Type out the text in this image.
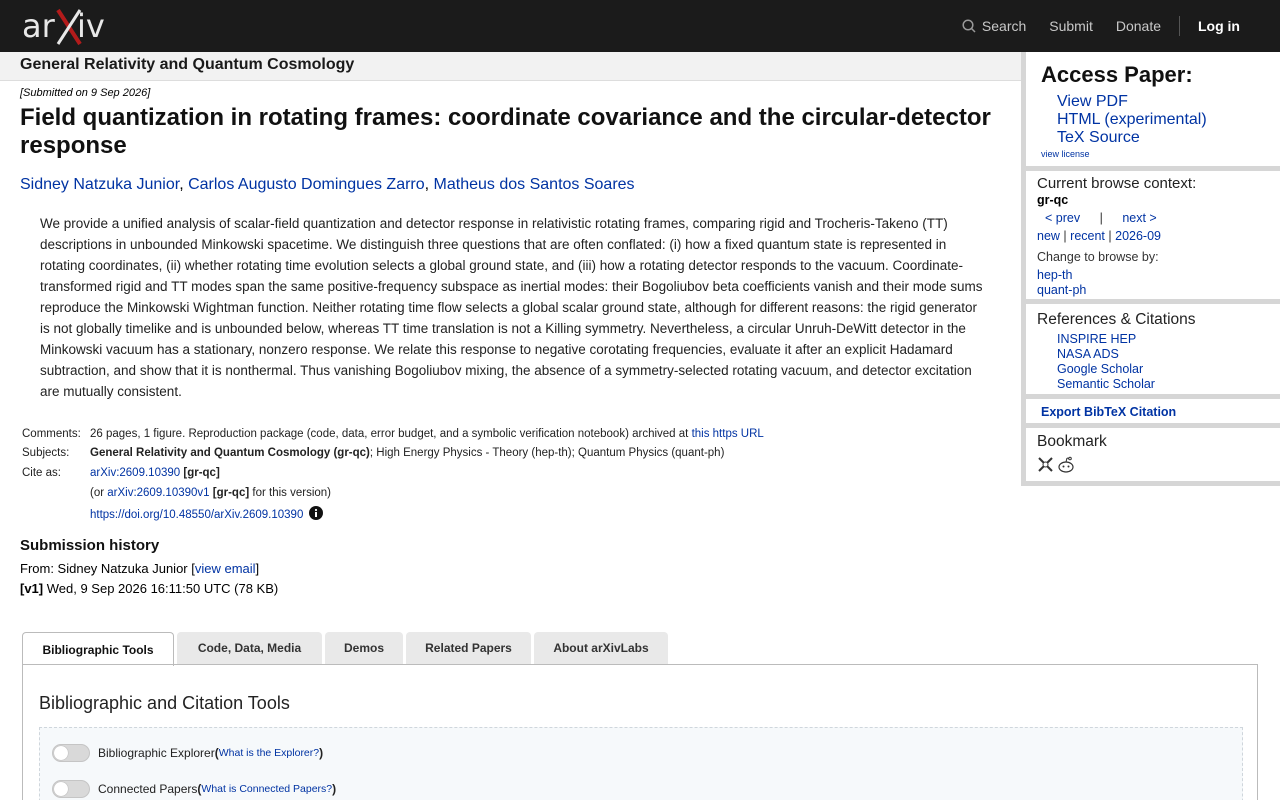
ar iv	Search Submit Donate	Log in
General Relativity and Quantum Cosmology
[Submitted on 9 Sep 2026]
Field quantization in rotating frames: coordinate covariance and the circular-detector response
Sidney Natzuka Junior, Carlos Augusto Domingues Zarro, Matheus dos Santos Soares
We provide a unified analysis of scalar-field quantization and detector response in relativistic rotating frames, comparing rigid and Trocheris-Takeno (TT) descriptions in unbounded Minkowski spacetime. We distinguish three questions that are often conflated: (i) how a fixed quantum state is represented in rotating coordinates, (ii) whether rotating time evolution selects a global ground state, and (iii) how a rotating detector responds to the vacuum. Coordinate-transformed rigid and TT modes span the same positive-frequency subspace as inertial modes: their Bogoliubov beta coefficients vanish and their mode sums reproduce the Minkowski Wightman function. Neither rotating time flow selects a global scalar ground state, although for different reasons: the rigid generator is not globally timelike and is unbounded below, whereas TT time translation is not a Killing symmetry. Nevertheless, a circular Unruh-DeWitt detector in the Minkowski vacuum has a stationary, nonzero response. We relate this response to negative corotating frequencies, evaluate it after an explicit Hadamard subtraction, and show that it is nonthermal. Thus vanishing Bogoliubov mixing, the absence of a symmetry-selected rotating vacuum, and detector excitation are mutually consistent.
Comments: 26 pages, 1 figure. Reproduction package (code, data, error budget, and a symbolic verification notebook) archived at this https URL
Subjects: General Relativity and Quantum Cosmology (gr-qc); High Energy Physics - Theory (hep-th); Quantum Physics (quant-ph)
Cite as:	arXiv:2609.10390 [gr-qc]
(or arXiv:2609.10390v1 [gr-qc] for this version)
https://doi.org/10.48550/arXiv.2609.10390
Submission history
From: Sidney Natzuka Junior [view email]
[v1] Wed, 9 Sep 2026 16:11:50 UTC (78 KB)
Bibliographic Tools	Code, Data, Media	Demos	Related Papers	About arXivLabs
Bibliographic and Citation Tools
Bibliographic Explorer ( What is the Explorer? )
Connected Papers ( What is Connected Papers? )
Access Paper:
View PDF
HTML (experimental)
TeX Source
view license
Current browse context:
gr-qc
< prev | next >
new | recent | 2026-09
Change to browse by:
hep-th
quant-ph
References & Citations
INSPIRE HEP
NASA ADS
Google Scholar
Semantic Scholar
Export BibTeX Citation
Bookmark
